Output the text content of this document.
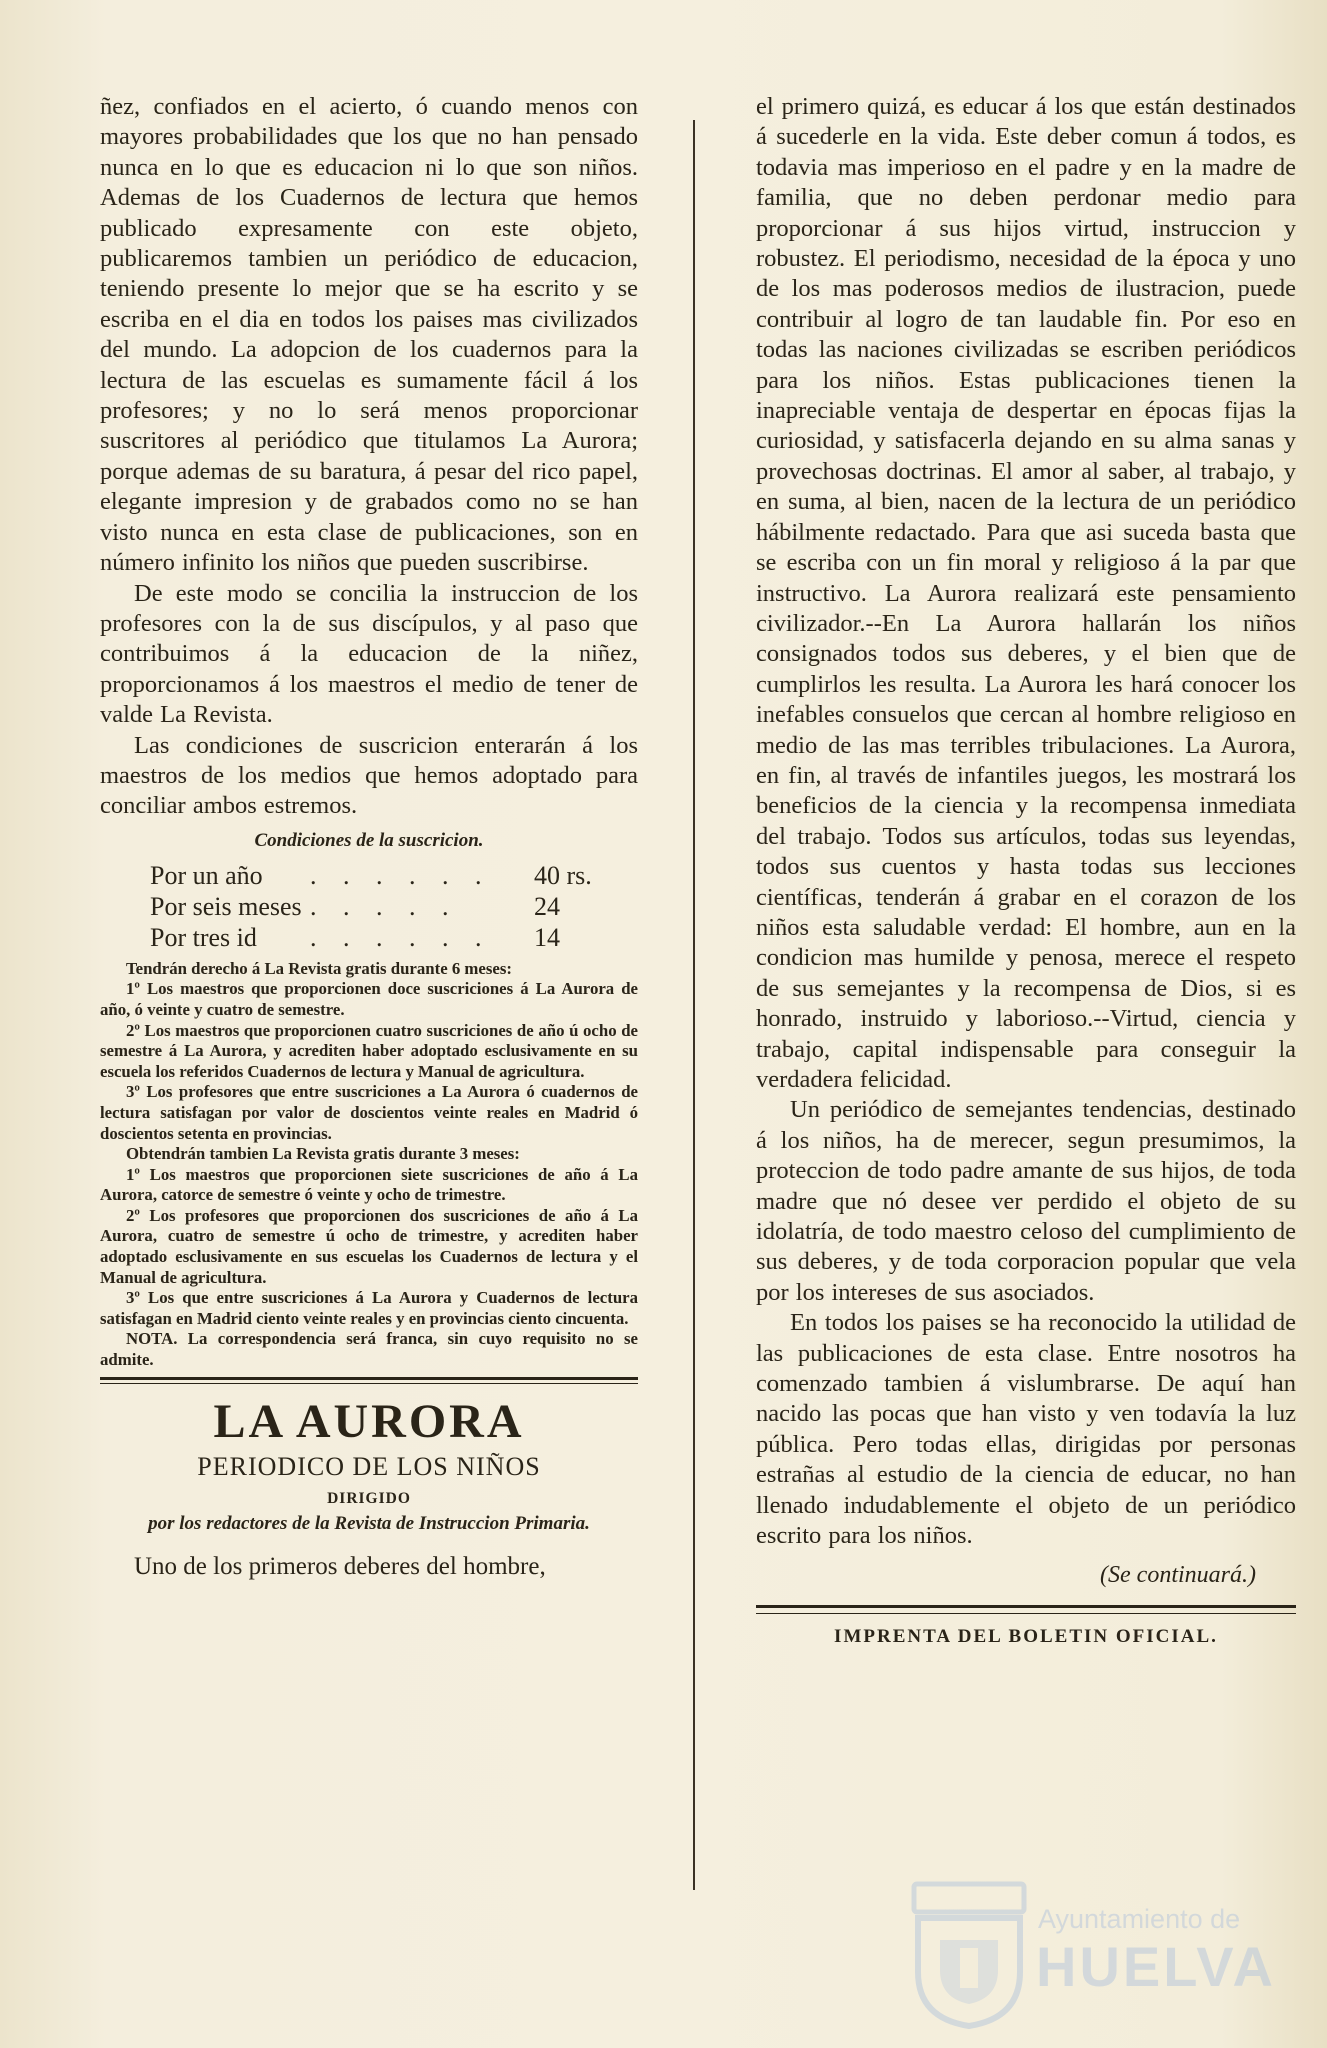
ñez, confiados en el acierto, ó cuando menos con mayores probabilidades que los que no han pensado nunca en lo que es educacion ni lo que son niños. Ademas de los Cuadernos de lectura que hemos publicado expresamente con este objeto, publicaremos tambien un periódico de educacion, teniendo presente lo mejor que se ha escrito y se escriba en el dia en todos los paises mas civilizados del mundo. La adopcion de los cuadernos para la lectura de las escuelas es sumamente fácil á los profesores; y no lo será menos proporcionar suscritores al periódico que titulamos La Aurora; porque ademas de su baratura, á pesar del rico papel, elegante impresion y de grabados como no se han visto nunca en esta clase de publicaciones, son en número infinito los niños que pueden suscribirse.

De este modo se concilia la instruccion de los profesores con la de sus discípulos, y al paso que contribuimos á la educacion de la niñez, proporcionamos á los maestros el medio de tener de valde La Revista.

Las condiciones de suscricion enterarán á los maestros de los medios que hemos adoptado para conciliar ambos estremos.

Condiciones de la suscricion.

Por un año	. . . . . .	40 rs.
Por seis meses . . . . .	24
Por tres id	. . . . . .	14

Tendrán derecho á La Revista gratis durante 6 meses:

1º Los maestros que proporcionen doce suscriciones á La Aurora de año, ó veinte y cuatro de semestre.

2º Los maestros que proporcionen cuatro suscriciones de año ú ocho de semestre á La Aurora, y acrediten haber adoptado esclusivamente en su escuela los referidos Cuadernos de lectura y Manual de agricultura.

3º Los profesores que entre suscriciones a La Aurora ó cuadernos de lectura satisfagan por valor de doscientos veinte reales en Madrid ó doscientos setenta en provincias.

Obtendrán tambien La Revista gratis durante 3 meses:

1º Los maestros que proporcionen siete suscriciones de año á La Aurora, catorce de semestre ó veinte y ocho de trimestre.

2º Los profesores que proporcionen dos suscriciones de año á La Aurora, cuatro de semestre ú ocho de trimestre, y acrediten haber adoptado esclusivamente en sus escuelas los Cuadernos de lectura y el Manual de agricultura.

3º Los que entre suscriciones á La Aurora y Cuadernos de lectura satisfagan en Madrid ciento veinte reales y en provincias ciento cincuenta.

NOTA. La correspondencia será franca, sin cuyo requisito no se admite.

LA AURORA

PERIODICO DE LOS NIÑOS

DIRIGIDO

por los redactores de la Revista de Instruccion Primaria.

Uno de los primeros deberes del hombre,

el primero quizá, es educar á los que están destinados á sucederle en la vida. Este deber comun á todos, es todavia mas imperioso en el padre y en la madre de familia, que no deben perdonar medio para proporcionar á sus hijos virtud, instruccion y robustez. El periodismo, necesidad de la época y uno de los mas poderosos medios de ilustracion, puede contribuir al logro de tan laudable fin. Por eso en todas las naciones civilizadas se escriben periódicos para los niños. Estas publicaciones tienen la inapreciable ventaja de despertar en épocas fijas la curiosidad, y satisfacerla dejando en su alma sanas y provechosas doctrinas. El amor al saber, al trabajo, y en suma, al bien, nacen de la lectura de un periódico hábilmente redactado. Para que asi suceda basta que se escriba con un fin moral y religioso á la par que instructivo. La Aurora realizará este pensamiento civilizador.--En La Aurora hallarán los niños consignados todos sus deberes, y el bien que de cumplirlos les resulta. La Aurora les hará conocer los inefables consuelos que cercan al hombre religioso en medio de las mas terribles tribulaciones. La Aurora, en fin, al través de infantiles juegos, les mostrará los beneficios de la ciencia y la recompensa inmediata del trabajo. Todos sus artículos, todas sus leyendas, todos sus cuentos y hasta todas sus lecciones científicas, tenderán á grabar en el corazon de los niños esta saludable verdad: El hombre, aun en la condicion mas humilde y penosa, merece el respeto de sus semejantes y la recompensa de Dios, si es honrado, instruido y laborioso.--Virtud, ciencia y trabajo, capital indispensable para conseguir la verdadera felicidad.

Un periódico de semejantes tendencias, destinado á los niños, ha de merecer, segun presumimos, la proteccion de todo padre amante de sus hijos, de toda madre que nó desee ver perdido el objeto de su idolatría, de todo maestro celoso del cumplimiento de sus deberes, y de toda corporacion popular que vela por los intereses de sus asociados.

En todos los paises se ha reconocido la utilidad de las publicaciones de esta clase. Entre nosotros ha comenzado tambien á vislumbrarse. De aquí han nacido las pocas que han visto y ven todavía la luz pública. Pero todas ellas, dirigidas por personas estrañas al estudio de la ciencia de educar, no han llenado indudablemente el objeto de un periódico escrito para los niños.

(Se continuará.)

IMPRENTA DEL BOLETIN OFICIAL.

Ayuntamiento de
HUELVA
